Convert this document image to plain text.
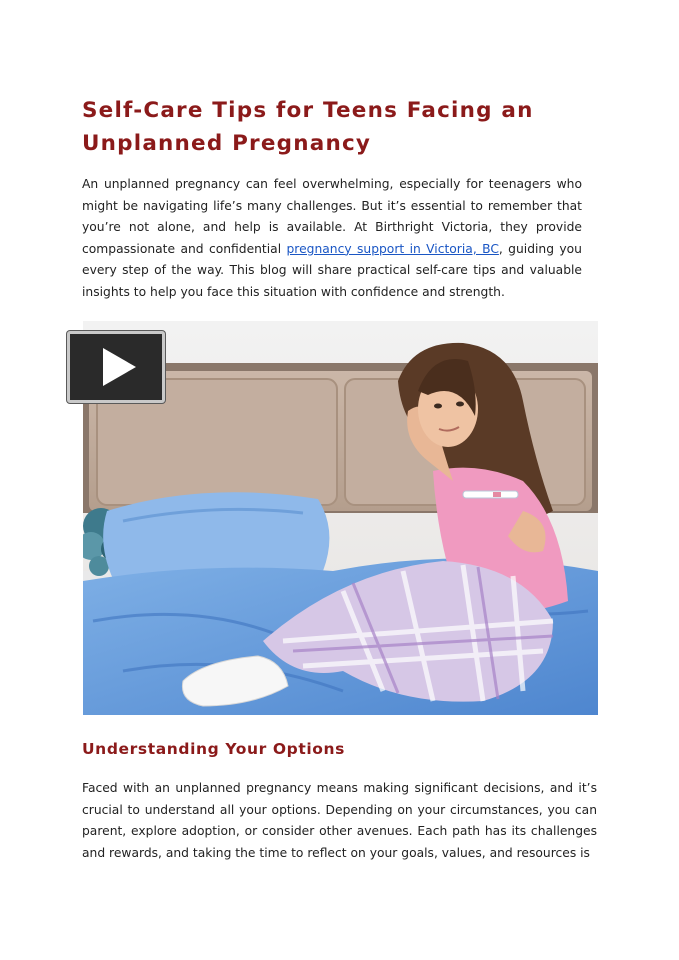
Self-Care Tips for Teens Facing an Unplanned Pregnancy

An unplanned pregnancy can feel overwhelming, especially for teenagers who might be navigating life’s many challenges. But it’s essential to remember that you’re not alone, and help is available. At Birthright Victoria, they provide compassionate and confidential pregnancy support in Victoria, BC, guiding you every step of the way. This blog will share practical self-care tips and valuable insights to help you face this situation with confidence and strength.

Understanding Your Options

Faced with an unplanned pregnancy means making significant decisions, and it’s crucial to understand all your options. Depending on your circumstances, you can parent, explore adoption, or consider other avenues. Each path has its challenges and rewards, and taking the time to reflect on your goals, values, and resources is
